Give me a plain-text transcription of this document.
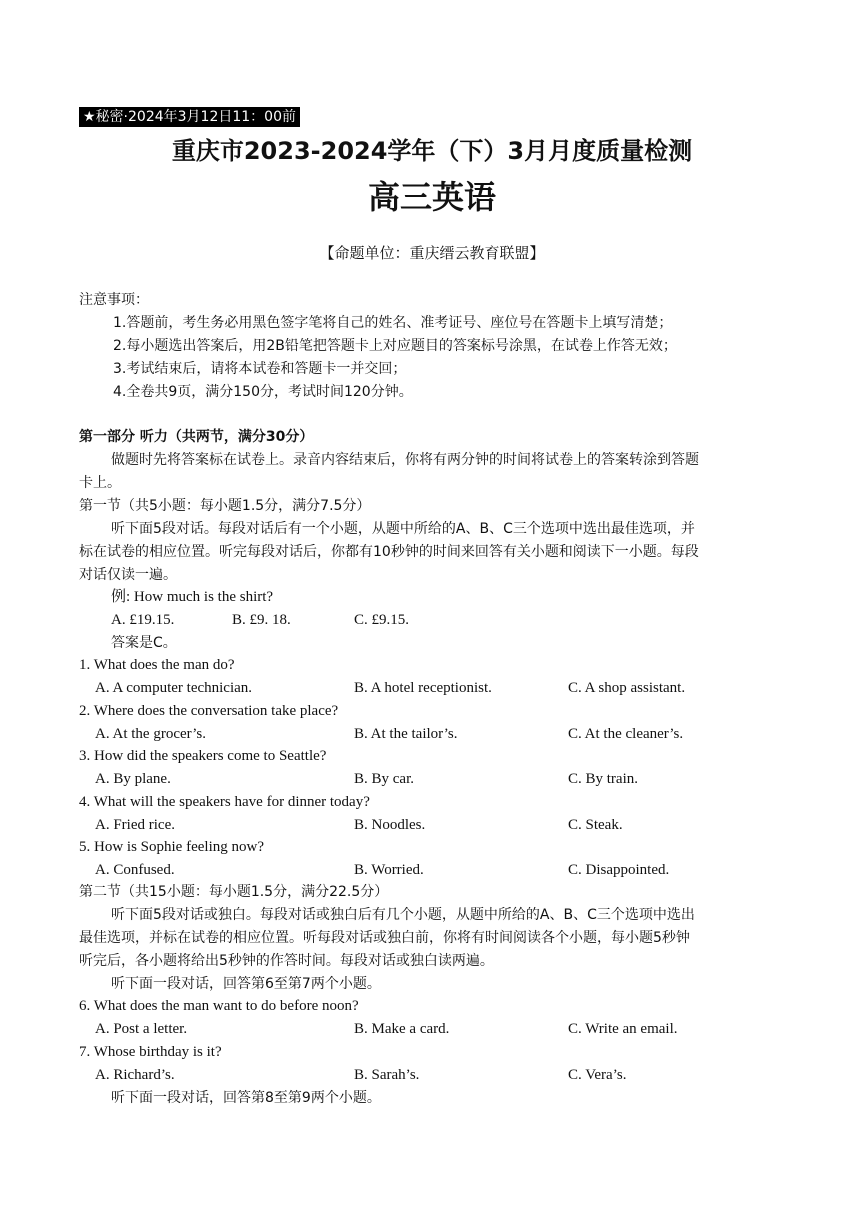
★秘密·2024年3月12日11：00前
重庆市2023-2024学年（下）3月月度质量检测
高三英语
【命题单位：重庆缙云教育联盟】
注意事项：
1.答题前，考生务必用黑色签字笔将自己的姓名、准考证号、座位号在答题卡上填写清楚；
2.每小题选出答案后，用2B铅笔把答题卡上对应题目的答案标号涂黑，在试卷上作答无效；
3.考试结束后，请将本试卷和答题卡一并交回；
4.全卷共9页，满分150分，考试时间120分钟。
第一部分 听力（共两节，满分30分）
做题时先将答案标在试卷上。录音内容结束后，你将有两分钟的时间将试卷上的答案转涂到答题
卡上。
第一节（共5小题：每小题1.5分，满分7.5分）
听下面5段对话。每段对话后有一个小题，从题中所给的A、B、C三个选项中选出最佳选项，并
标在试卷的相应位置。听完每段对话后，你都有10秒钟的时间来回答有关小题和阅读下一小题。每段
对话仅读一遍。
例: How much is the shirt?
A. £19.15.	B. £9. 18.	C. £9.15.
答案是C。
1. What does the man do?
A. A computer technician.	B. A hotel receptionist.	C. A shop assistant.
2. Where does the conversation take place?
A. At the grocer’s.	B. At the tailor’s.	C. At the cleaner’s.
3. How did the speakers come to Seattle?
A. By plane.	B. By car.	C. By train.
4. What will the speakers have for dinner today?
A. Fried rice.	B. Noodles.	C. Steak.
5. How is Sophie feeling now?
A. Confused.	B. Worried.	C. Disappointed.
第二节（共15小题：每小题1.5分，满分22.5分）
听下面5段对话或独白。每段对话或独白后有几个小题，从题中所给的A、B、C三个选项中选出
最佳选项，并标在试卷的相应位置。听每段对话或独白前，你将有时间阅读各个小题，每小题5秒钟
听完后，各小题将给出5秒钟的作答时间。每段对话或独白读两遍。
听下面一段对话，回答第6至第7两个小题。
6. What does the man want to do before noon?
A. Post a letter.	B. Make a card.	C. Write an email.
7. Whose birthday is it?
A. Richard’s.	B. Sarah’s.	C. Vera’s.
听下面一段对话，回答第8至第9两个小题。
